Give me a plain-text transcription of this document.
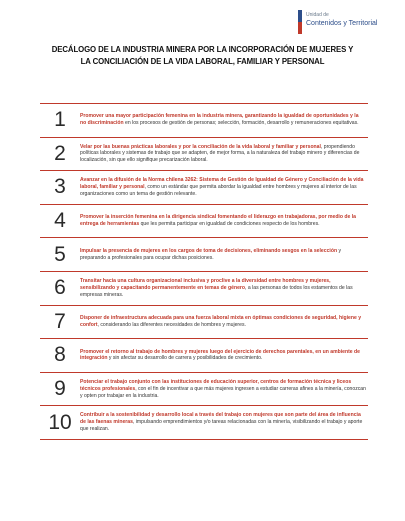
Unidad de
Contenidos y Territorial
DECÁLOGO DE LA INDUSTRIA MINERA POR LA INCORPORACIÓN DE MUJERES Y
LA CONCILIACIÓN DE LA VIDA LABORAL, FAMILIAR Y PERSONAL
1	Promover una mayor participación femenina en la industria minera, garantizando la igualdad de oportunidades y la no discriminación en los procesos de gestión de personas; selección, formación, desarrollo y remuneraciones equitativas.
2	Velar por las buenas prácticas laborales y por la conciliación de la vida laboral y familiar y personal, propendiendo políticas laborales y sistemas de trabajo que se adapten, de mejor forma, a la naturaleza del trabajo minero y diferencias de localización, sin que ello signifique precarización laboral.
3	Avanzar en la difusión de la Norma chilena 3262: Sistema de Gestión de Igualdad de Género y Conciliación de la vida laboral, familiar y personal, como un estándar que permita abordar la igualdad entre hombres y mujeres al interior de las organizaciones como un tema de gestión relevante.
4	Promover la inserción femenina en la dirigencia sindical fomentando el liderazgo en trabajadoras, por medio de la entrega de herramientas que les permita participar en igualdad de condiciones respecto de los hombres.
5	Impulsar la presencia de mujeres en los cargos de toma de decisiones, eliminando sesgos en la selección y preparando a profesionales para ocupar dichas posiciones.
6	Transitar hacia una cultura organizacional inclusiva y proclive a la diversidad entre hombres y mujeres, sensibilizando y capacitando permanentemente en temas de género, a las personas de todos los estamentos de las empresas mineras.
7	Disponer de infraestructura adecuada para una fuerza laboral mixta en óptimas condiciones de seguridad, higiene y confort, considerando las diferentes necesidades de hombres y mujeres.
8	Promover el retorno al trabajo de hombres y mujeres luego del ejercicio de derechos parentales, en un ambiente de integración y sin afectar su desarrollo de carrera y posibilidades de crecimiento.
9	Potenciar el trabajo conjunto con las instituciones de educación superior, centros de formación técnica y liceos técnicos profesionales, con el fin de incentivar a que más mujeres ingresen a estudiar carreras afines a la minería, conozcan y opten por trabajar en la industria.
10	Contribuir a la sostenibilidad y desarrollo local a través del trabajo con mujeres que son parte del área de influencia de las faenas mineras, impulsando emprendimientos y/o tareas relacionadas con la minería, visibilizando el trabajo y aporte que realizan.
